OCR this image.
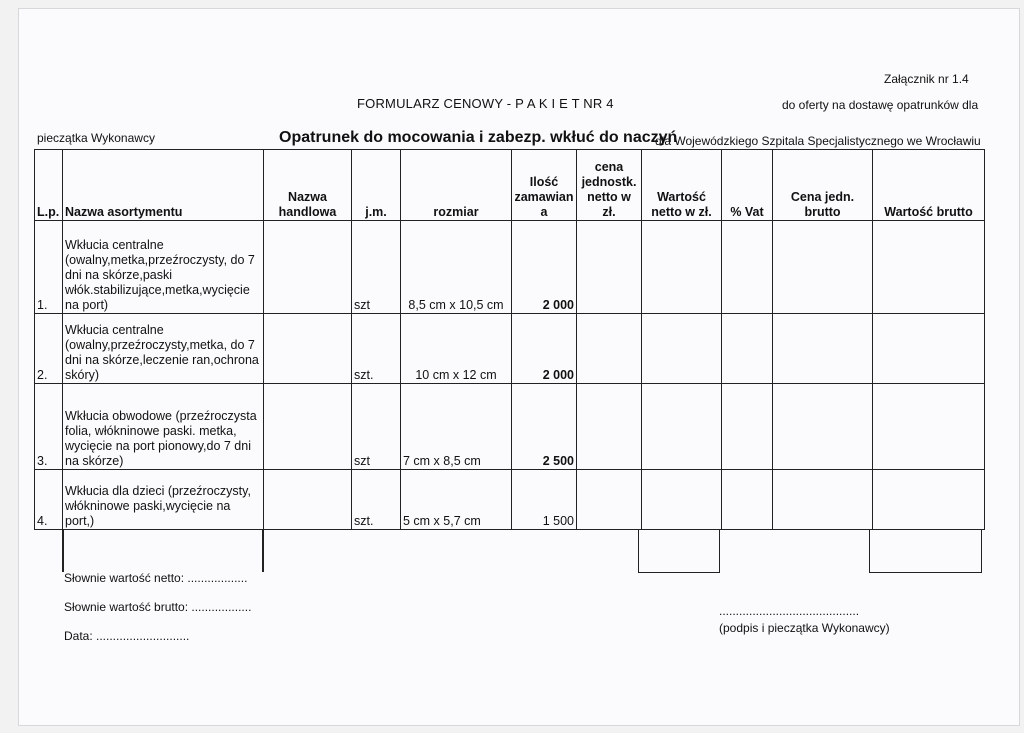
Załącznik nr 1.4
FORMULARZ CENOWY - P A K I E T NR 4	do oferty na dostawę opatrunków dla
pieczątka Wykonawcy	Opatrunek do mocowania i zabezp. wkłuć do naczyń
dla Wojewódzkiego Szpitala Specjalistycznego we Wrocławiu
L.p.	Nazwa asortymentu	Nazwa handlowa	j.m.	rozmiar	Ilość zamawian a	cena jednostk. netto w zł.	Wartość netto w zł.	% Vat	Cena jedn. brutto	Wartość brutto
1.	Wkłucia centralne (owalny,metka,przeźroczysty, do 7 dni na skórze,paski włók.stabilizujące,metka,wycięcie na port)		szt	8,5 cm x 10,5 cm	2 000					
2.	Wkłucia centralne (owalny,przeźroczysty,metka, do 7 dni na skórze,leczenie ran,ochrona skóry)		szt.	10 cm x 12 cm	2 000					
3.	Wkłucia obwodowe (przeźroczysta folia, włókninowe paski. metka, wycięcie na port pionowy,do 7 dni na skórze)		szt	7 cm x 8,5 cm	2 500					
4.	Wkłucia dla dzieci (przeźroczysty, włókninowe paski,wycięcie na port,)		szt.	5 cm x 5,7 cm	1 500					
Słownie wartość netto: ..................
Słownie wartość brutto: ..................
Data: ............................
..........................................
(podpis i pieczątka Wykonawcy)
